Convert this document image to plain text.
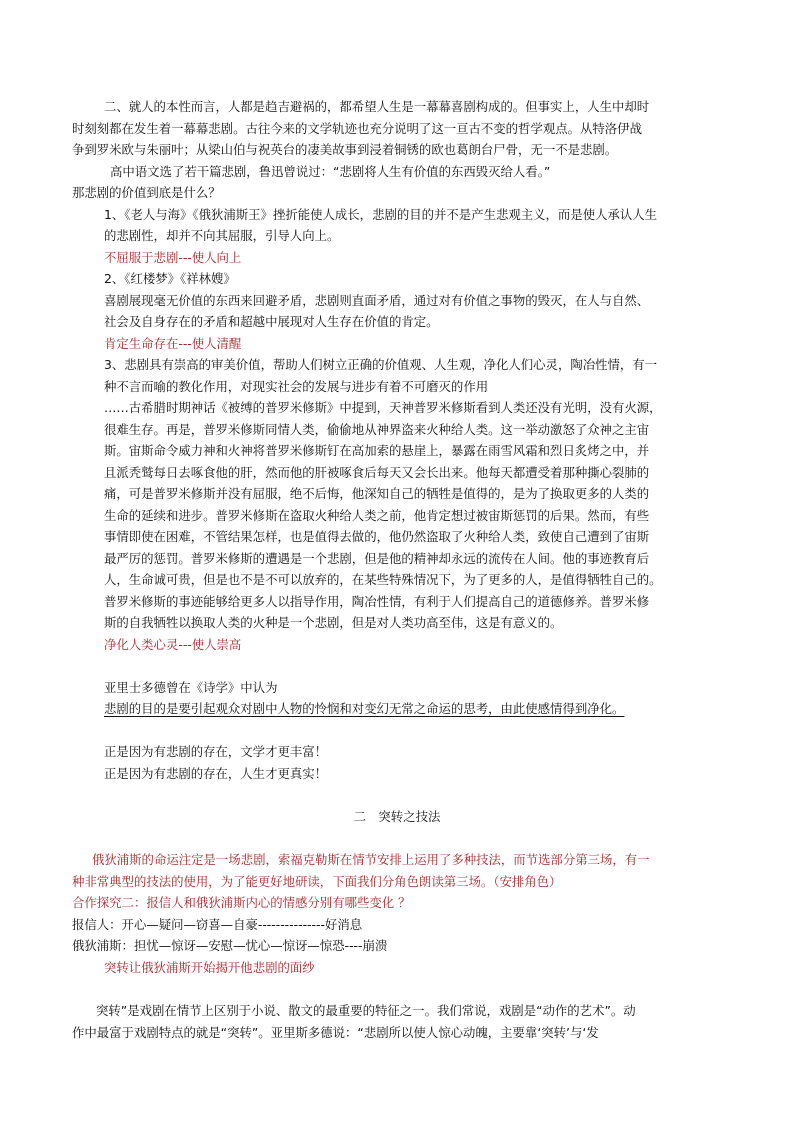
二、就人的本性而言，人都是趋吉避祸的，都希望人生是一幕幕喜剧构成的。但事实上，人生中却时
时刻刻都在发生着一幕幕悲剧。古往今来的文学轨迹也充分说明了这一亘古不变的哲学观点。从特洛伊战
争到罗米欧与朱丽叶；从梁山伯与祝英台的凄美故事到浸着铜锈的欧也葛朗台尸骨，无一不是悲剧。
高中语文选了若干篇悲剧，鲁迅曾说过：“悲剧将人生有价值的东西毁灭给人看。”
那悲剧的价值到底是什么？
1、《老人与海》《俄狄浦斯王》挫折能使人成长，悲剧的目的并不是产生悲观主义，而是使人承认人生
的悲剧性，却并不向其屈服，引导人向上。
不屈服于悲剧---使人向上
2、《红楼梦》《祥林嫂》
喜剧展现毫无价值的东西来回避矛盾，悲剧则直面矛盾，通过对有价值之事物的毁灭，在人与自然、
社会及自身存在的矛盾和超越中展现对人生存在价值的肯定。
肯定生命存在---使人清醒
3、悲剧具有崇高的审美价值，帮助人们树立正确的价值观、人生观，净化人们心灵，陶冶性情，有一
种不言而喻的教化作用，对现实社会的发展与进步有着不可磨灭的作用
……古希腊时期神话《被缚的普罗米修斯》中提到，天神普罗米修斯看到人类还没有光明，没有火源，
很难生存。再是，普罗米修斯同情人类，偷偷地从神界盗来火种给人类。这一举动激怒了众神之主宙
斯。宙斯命令威力神和火神将普罗米修斯钉在高加索的悬崖上，暴露在雨雪风霜和烈日炙烤之中，并
且派秃鹫每日去啄食他的肝，然而他的肝被啄食后每天又会长出来。他每天都遭受着那种撕心裂肺的
痛，可是普罗米修斯并没有屈服，绝不后悔，他深知自己的牺牲是值得的，是为了换取更多的人类的
生命的延续和进步。普罗米修斯在盗取火种给人类之前，他肯定想过被宙斯惩罚的后果。然而，有些
事情即使在困难，不管结果怎样，也是值得去做的，他仍然盗取了火种给人类，致使自己遭到了宙斯
最严厉的惩罚。普罗米修斯的遭遇是一个悲剧，但是他的精神却永远的流传在人间。他的事迹教育后
人，生命诚可贵，但是也不是不可以放弃的，在某些特殊情况下，为了更多的人，是值得牺牲自己的。
普罗米修斯的事迹能够给更多人以指导作用，陶冶性情，有利于人们提高自己的道德修养。普罗米修
斯的自我牺牲以换取人类的火种是一个悲剧，但是对人类功高至伟，这是有意义的。
净化人类心灵---使人崇高
亚里士多德曾在《诗学》中认为
悲剧的目的是要引起观众对剧中人物的怜悯和对变幻无常之命运的思考，由此使感情得到净化。
正是因为有悲剧的存在，文学才更丰富！
正是因为有悲剧的存在，人生才更真实！
二　突转之技法
俄狄浦斯的命运注定是一场悲剧，索福克勒斯在情节安排上运用了多种技法，而节选部分第三场，有一
种非常典型的技法的使用，为了能更好地研读，下面我们分角色朗读第三场。（安排角色）
合作探究二：报信人和俄狄浦斯内心的情感分别有哪些变化 ？
报信人：开心—疑问—窃喜—自豪---------------好消息
俄狄浦斯：担忧—惊讶—安慰—忧心—惊讶—惊恐----崩溃
突转让俄狄浦斯开始揭开他悲剧的面纱
突转”是戏剧在情节上区别于小说、散文的最重要的特征之一。我们常说，戏剧是“动作的艺术”。动
作中最富于戏剧特点的就是“突转”。亚里斯多德说：“悲剧所以使人惊心动魄，主要靠‘突转’与‘发
